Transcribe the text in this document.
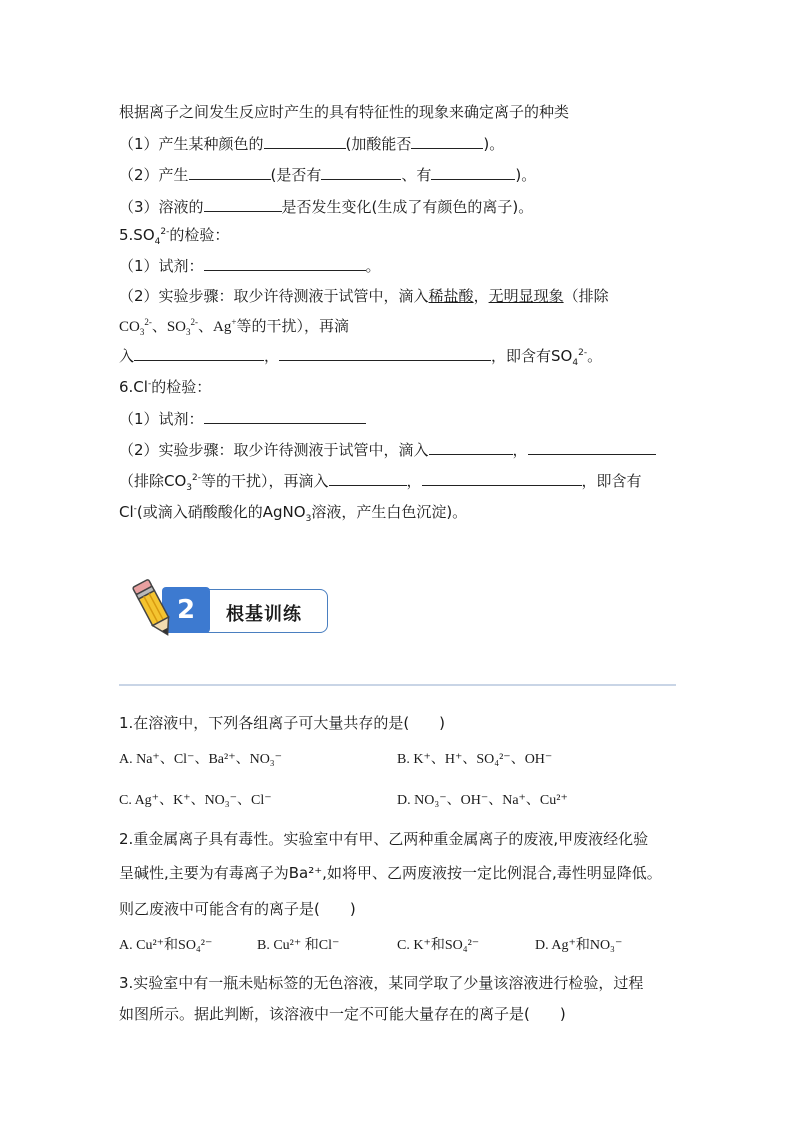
根据离子之间发生反应时产生的具有特征性的现象来确定离子的种类
（1）产生某种颜色的	(加酸能否	)。
（2）产生	(是否有	、有	)。
（3）溶液的	是否发生变化(生成了有颜色的离子)。
$5.SO_4^{2-}$的检验：
（1）试剂：	。
（2）实验步骤：取少许待测液于试管中，滴入稀盐酸，无明显现象（排除
$CO_3^{2-}$、$SO_3^{2-}$、Ag+等的干扰），再滴
入	，	，即含有$SO_4^{2-}$。
6.Cl-的检验：
（1）试剂：
（2）实验步骤：取少许待测液于试管中，滴入	，
（排除$CO_3^{2-}$等的干扰），再滴入	，	，即含有
Cl-(或滴入硝酸酸化的AgNO$_3$溶液，产生白色沉淀)。
2	根基训练
1.在溶液中，下列各组离子可大量共存的是(　　)
A. Na⁺、Cl⁻、Ba²⁺、NO₃⁻	B. K⁺、H⁺、SO₄²⁻、OH⁻
C. Ag⁺、K⁺、NO₃⁻、Cl⁻	D. NO₃⁻、OH⁻、Na⁺、Cu²⁺
2.重金属离子具有毒性。实验室中有甲、乙两种重金属离子的废液,甲废液经化验
呈碱性,主要为有毒离子为Ba²⁺,如将甲、乙两废液按一定比例混合,毒性明显降低。
则乙废液中可能含有的离子是(　　)
A. Cu²⁺和SO₄²⁻	B. Cu²⁺ 和Cl⁻	C. K⁺和SO₄²⁻	D. Ag⁺和NO₃⁻
3.实验室中有一瓶未贴标签的无色溶液，某同学取了少量该溶液进行检验，过程
如图所示。据此判断，该溶液中一定不可能大量存在的离子是(　　)
